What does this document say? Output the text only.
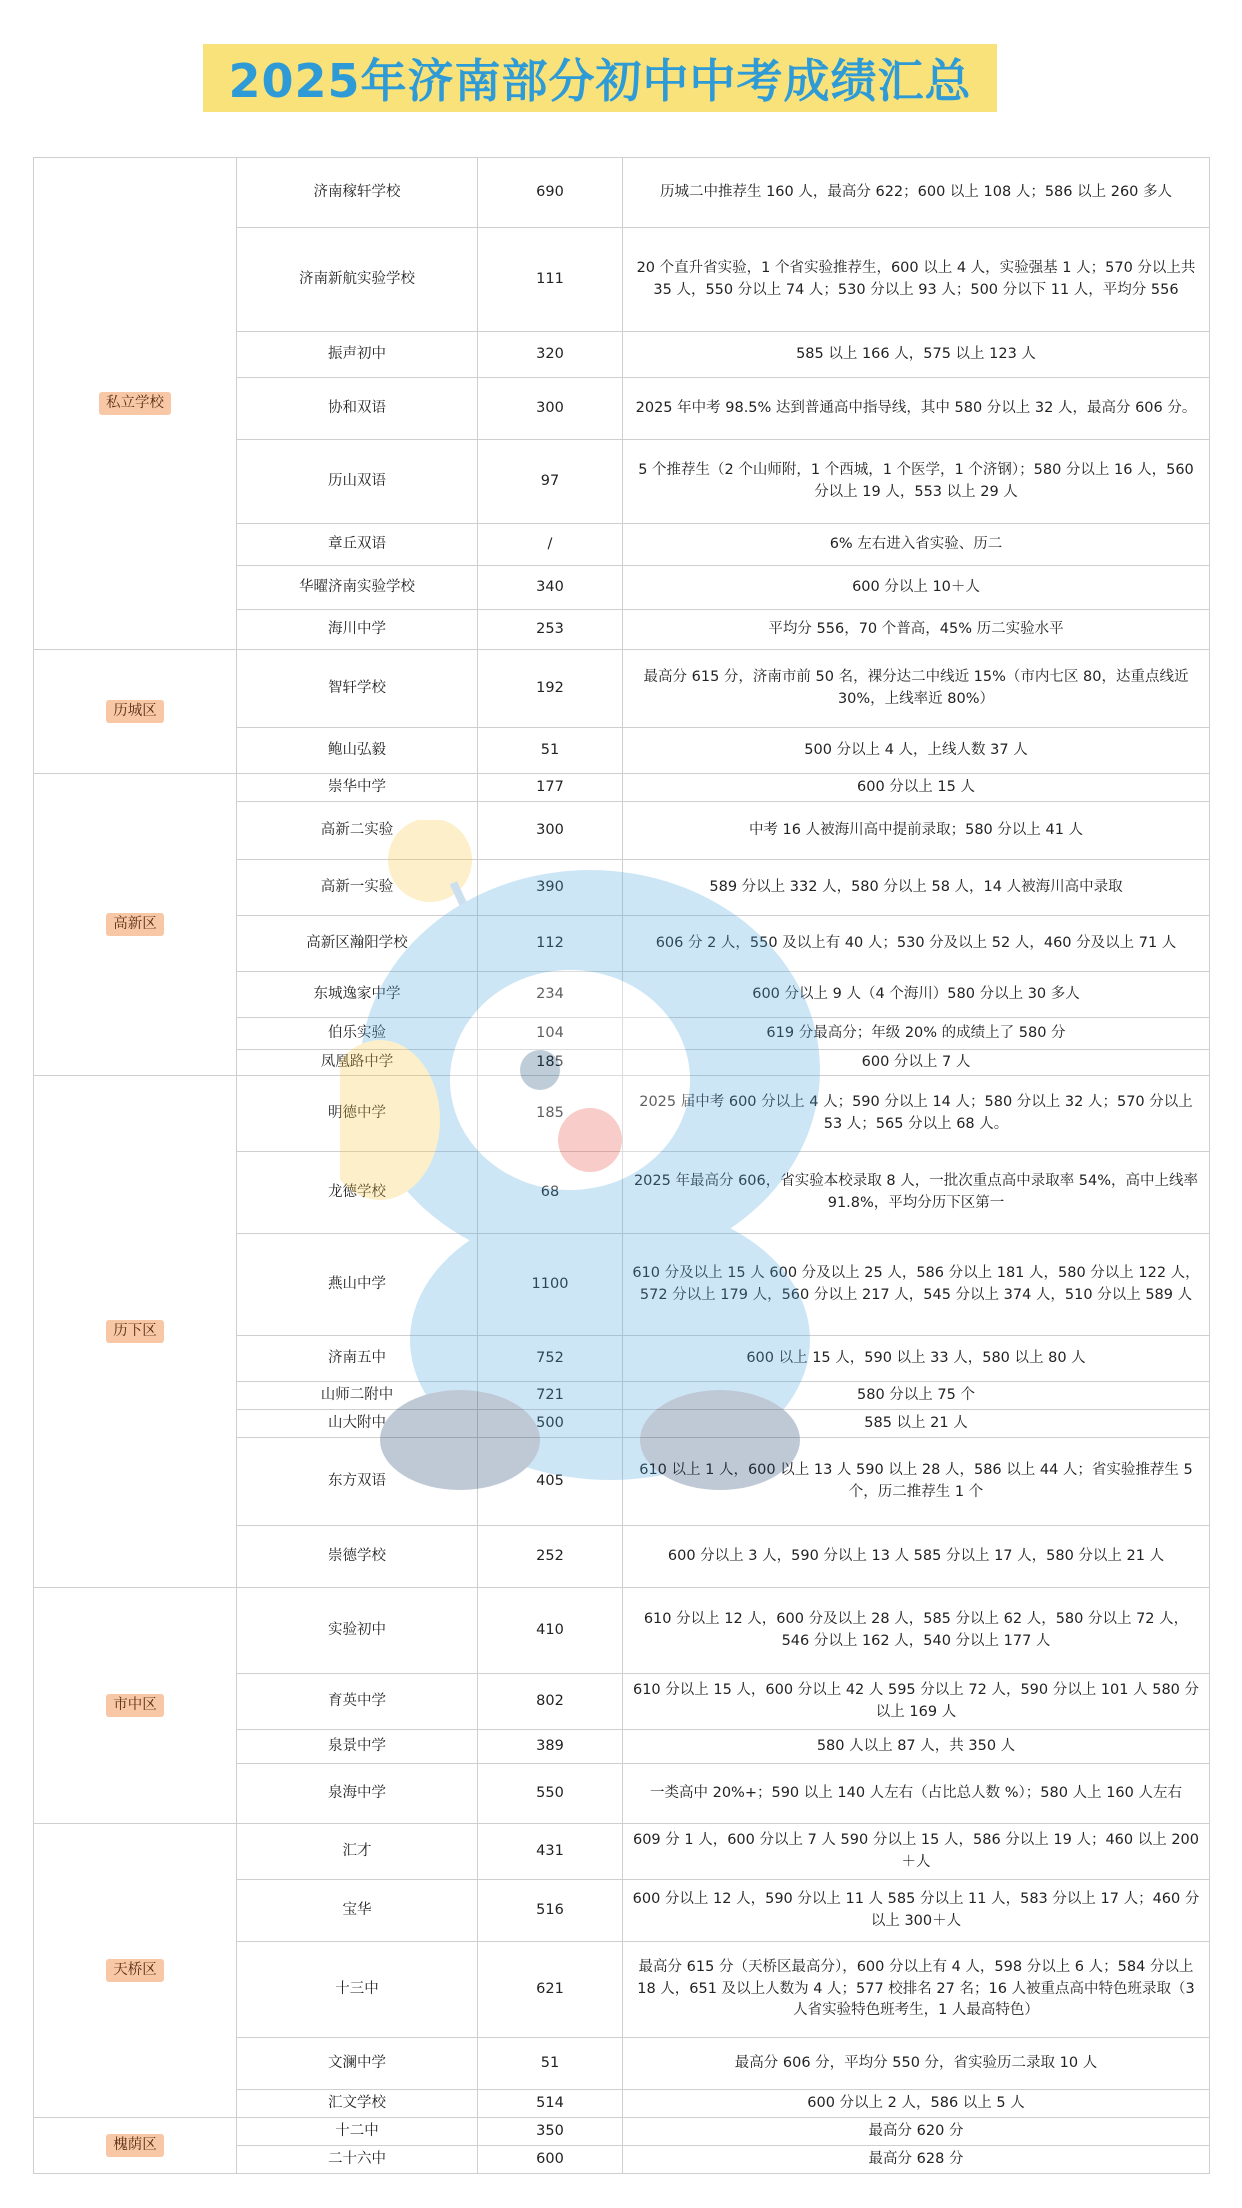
2025年济南部分初中中考成绩汇总
私立学校	济南稼轩学校	690	历城二中推荐生 160 人，最高分 622；600 以上 108 人；586 以上 260 多人
	济南新航实验学校	111	20 个直升省实验，1 个省实验推荐生，600 以上 4 人，实验强基 1 人；570 分以上共 35 人，550 分以上 74 人；530 分以上 93 人；500 分以下 11 人，平均分 556
	振声初中	320	585 以上 166 人，575 以上 123 人
	协和双语	300	2025 年中考 98.5% 达到普通高中指导线，其中 580 分以上 32 人，最高分 606 分。
	历山双语	97	5 个推荐生（2 个山师附，1 个西城，1 个医学，1 个济钢）；580 分以上 16 人，560 分以上 19 人，553 以上 29 人
	章丘双语	/	6% 左右进入省实验、历二
	华曜济南实验学校	340	600 分以上 10＋人
	海川中学	253	平均分 556，70 个普高，45% 历二实验水平
历城区	智轩学校	192	最高分 615 分，济南市前 50 名，裸分达二中线近 15%（市内七区 80，达重点线近 30%，上线率近 80%）
	鲍山弘毅	51	500 分以上 4 人，上线人数 37 人
高新区	崇华中学	177	600 分以上 15 人
	高新二实验	300	中考 16 人被海川高中提前录取；580 分以上 41 人
	高新一实验	390	589 分以上 332 人，580 分以上 58 人，14 人被海川高中录取
	高新区瀚阳学校	112	606 分 2 人，550 及以上有 40 人；530 分及以上 52 人，460 分及以上 71 人
	东城逸家中学	234	600 分以上 9 人（4 个海川）580 分以上 30 多人
	伯乐实验	104	619 分最高分；年级 20% 的成绩上了 580 分
	凤凰路中学	185	600 分以上 7 人
历下区	明德中学	185	2025 届中考 600 分以上 4 人；590 分以上 14 人；580 分以上 32 人；570 分以上 53 人；565 分以上 68 人。
	龙德学校	68	2025 年最高分 606，省实验本校录取 8 人，一批次重点高中录取率 54%，高中上线率 91.8%，平均分历下区第一
	燕山中学	1100	610 分及以上 15 人 600 分及以上 25 人，586 分以上 181 人，580 分以上 122 人，572 分以上 179 人，560 分以上 217 人，545 分以上 374 人，510 分以上 589 人
	济南五中	752	600 以上 15 人，590 以上 33 人，580 以上 80 人
	山师二附中	721	580 分以上 75 个
	山大附中	500	585 以上 21 人
	东方双语	405	610 以上 1 人，600 以上 13 人 590 以上 28 人，586 以上 44 人；省实验推荐生 5 个，历二推荐生 1 个
	崇德学校	252	600 分以上 3 人，590 分以上 13 人 585 分以上 17 人，580 分以上 21 人
市中区	实验初中	410	610 分以上 12 人，600 分及以上 28 人，585 分以上 62 人，580 分以上 72 人，546 分以上 162 人，540 分以上 177 人
	育英中学	802	610 分以上 15 人，600 分以上 42 人 595 分以上 72 人，590 分以上 101 人 580 分以上 169 人
	泉景中学	389	580 人以上 87 人，共 350 人
	泉海中学	550	一类高中 20%+；590 以上 140 人左右（占比总人数 %）；580 人上 160 人左右
天桥区	汇才	431	609 分 1 人，600 分以上 7 人 590 分以上 15 人，586 分以上 19 人；460 以上 200＋人
	宝华	516	600 分以上 12 人，590 分以上 11 人 585 分以上 11 人，583 分以上 17 人；460 分以上 300＋人
	十三中	621	最高分 615 分（天桥区最高分），600 分以上有 4 人，598 分以上 6 人；584 分以上 18 人，651 及以上人数为 4 人；577 校排名 27 名；16 人被重点高中特色班录取（3 人省实验特色班考生，1 人最高特色）
	文澜中学	51	最高分 606 分，平均分 550 分，省实验历二录取 10 人
	汇文学校	514	600 分以上 2 人，586 以上 5 人
槐荫区	十二中	350	最高分 620 分
	二十六中	600	最高分 628 分
